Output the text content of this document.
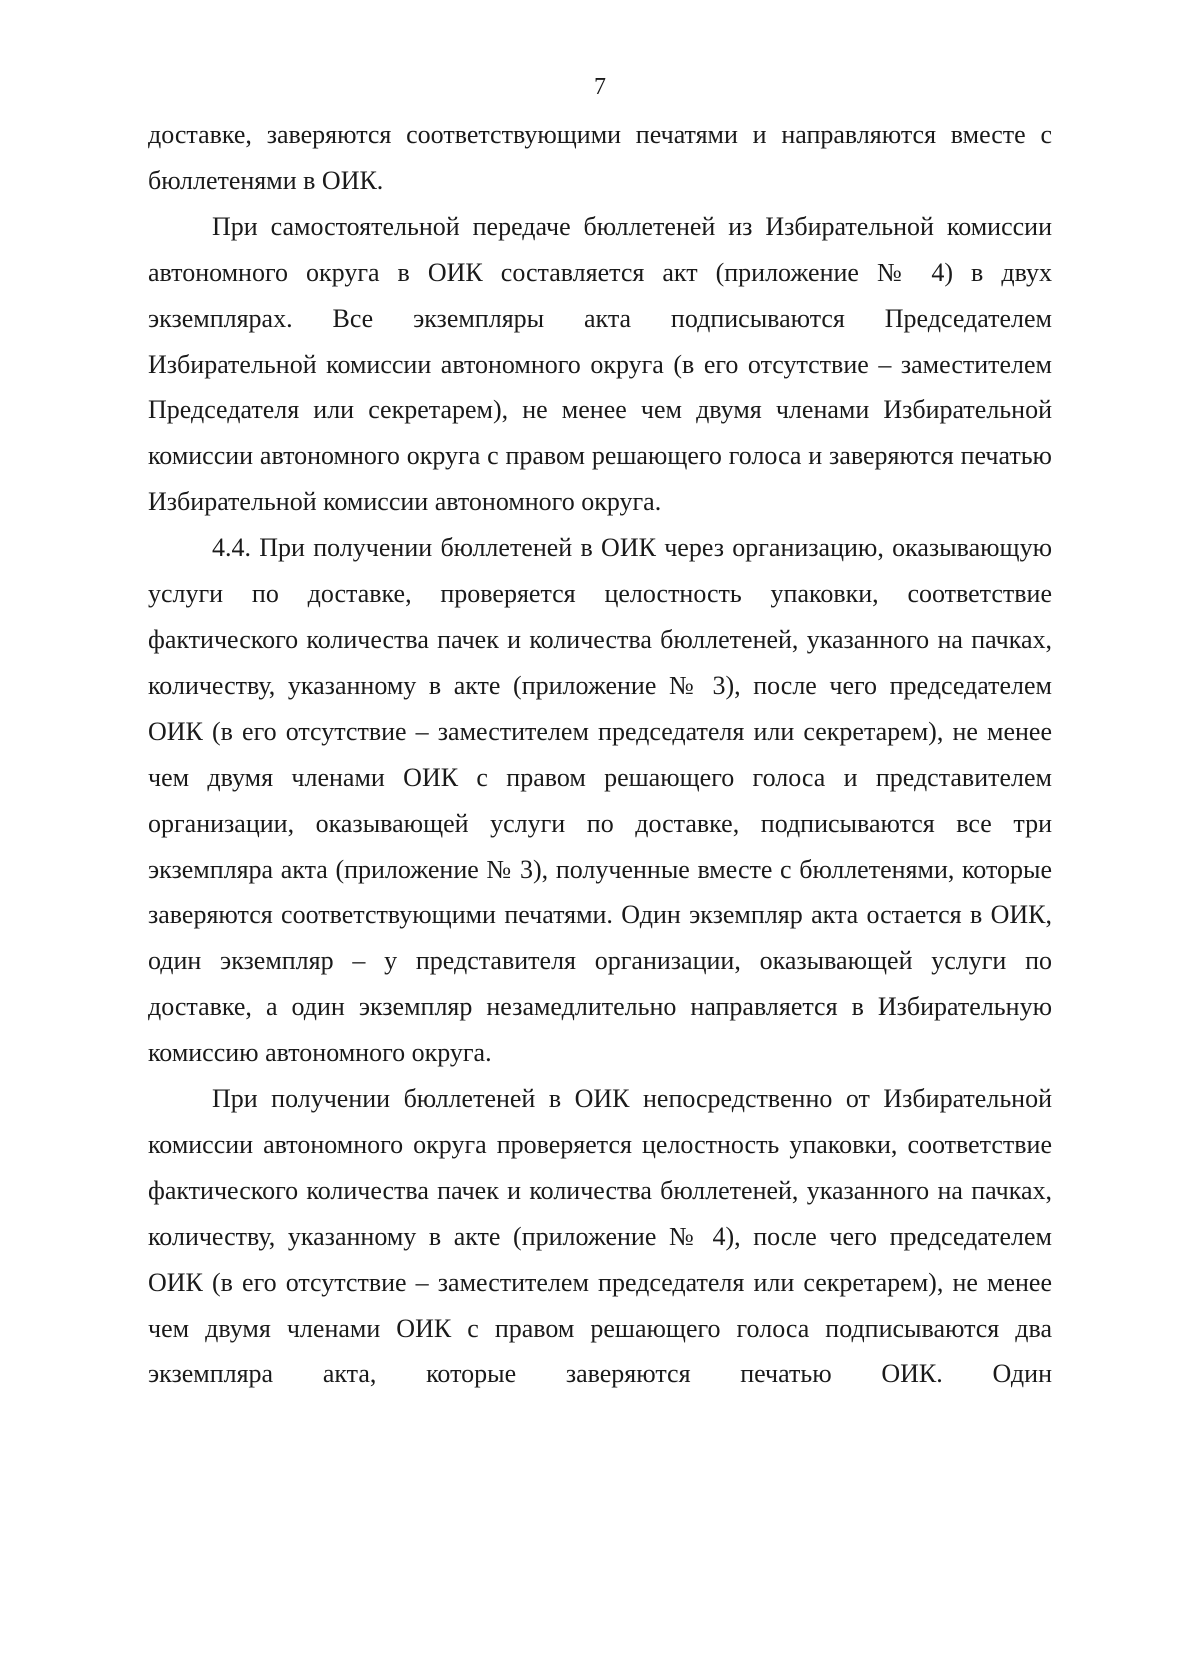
7

доставке, заверяются соответствующими печатями и направляются вместе с бюллетенями в ОИК.

При самостоятельной передаче бюллетеней из Избирательной комиссии автономного округа в ОИК составляется акт (приложение № 4) в двух экземплярах. Все экземпляры акта подписываются Председателем Избирательной комиссии автономного округа (в его отсутствие – заместителем Председателя или секретарем), не менее чем двумя членами Избирательной комиссии автономного округа с правом решающего голоса и заверяются печатью Избирательной комиссии автономного округа.

4.4. При получении бюллетеней в ОИК через организацию, оказывающую услуги по доставке, проверяется целостность упаковки, соответствие фактического количества пачек и количества бюллетеней, указанного на пачках, количеству, указанному в акте (приложение № 3), после чего председателем ОИК (в его отсутствие – заместителем председателя или секретарем), не менее чем двумя членами ОИК с правом решающего голоса и представителем организации, оказывающей услуги по доставке, подписываются все три экземпляра акта (приложение № 3), полученные вместе с бюллетенями, которые заверяются соответствующими печатями. Один экземпляр акта остается в ОИК, один экземпляр – у представителя организации, оказывающей услуги по доставке, а один экземпляр незамедлительно направляется в Избирательную комиссию автономного округа.

При получении бюллетеней в ОИК непосредственно от Избирательной комиссии автономного округа проверяется целостность упаковки, соответствие фактического количества пачек и количества бюллетеней, указанного на пачках, количеству, указанному в акте (приложение № 4), после чего председателем ОИК (в его отсутствие – заместителем председателя или секретарем), не менее чем двумя членами ОИК с правом решающего голоса подписываются два экземпляра акта, которые заверяются печатью ОИК. Один
